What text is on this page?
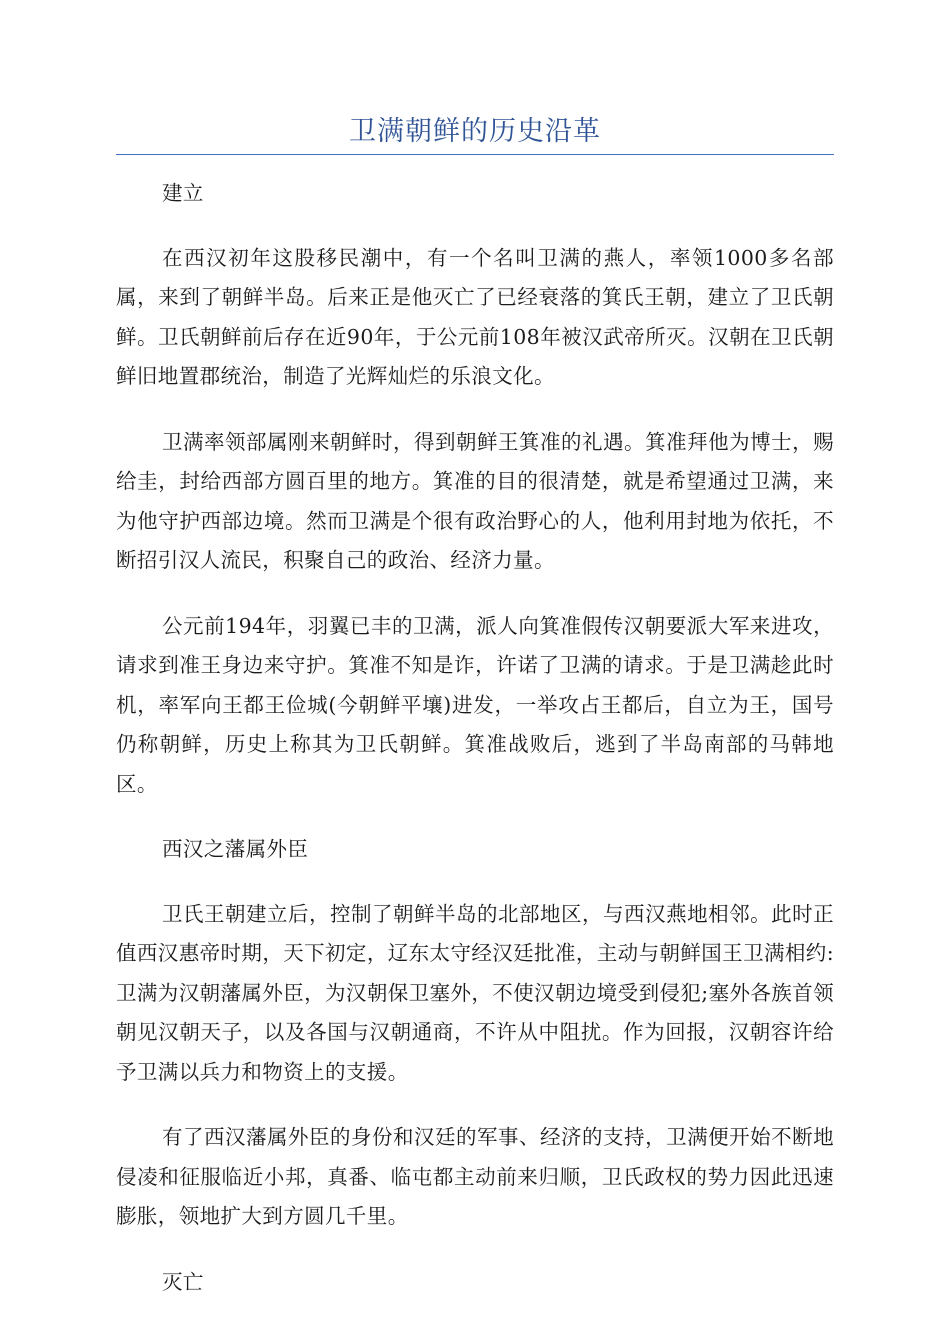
卫满朝鲜的历史沿革

建立

在西汉初年这股移民潮中，有一个名叫卫满的燕人，率领1000多名部属，来到了朝鲜半岛。后来正是他灭亡了已经衰落的箕氏王朝，建立了卫氏朝鲜。卫氏朝鲜前后存在近90年，于公元前108年被汉武帝所灭。汉朝在卫氏朝鲜旧地置郡统治，制造了光辉灿烂的乐浪文化。

卫满率领部属刚来朝鲜时，得到朝鲜王箕准的礼遇。箕准拜他为博士，赐给圭，封给西部方圆百里的地方。箕准的目的很清楚，就是希望通过卫满，来为他守护西部边境。然而卫满是个很有政治野心的人，他利用封地为依托，不断招引汉人流民，积聚自己的政治、经济力量。

公元前194年，羽翼已丰的卫满，派人向箕准假传汉朝要派大军来进攻，请求到准王身边来守护。箕准不知是诈，许诺了卫满的请求。于是卫满趁此时机，率军向王都王俭城(今朝鲜平壤)进发，一举攻占王都后，自立为王，国号仍称朝鲜，历史上称其为卫氏朝鲜。箕准战败后，逃到了半岛南部的马韩地区。

西汉之藩属外臣

卫氏王朝建立后，控制了朝鲜半岛的北部地区，与西汉燕地相邻。此时正值西汉惠帝时期，天下初定，辽东太守经汉廷批准，主动与朝鲜国王卫满相约:卫满为汉朝藩属外臣，为汉朝保卫塞外，不使汉朝边境受到侵犯;塞外各族首领朝见汉朝天子，以及各国与汉朝通商，不许从中阻扰。作为回报，汉朝容许给予卫满以兵力和物资上的支援。

有了西汉藩属外臣的身份和汉廷的军事、经济的支持，卫满便开始不断地侵凌和征服临近小邦，真番、临屯都主动前来归顺，卫氏政权的势力因此迅速膨胀，领地扩大到方圆几千里。

灭亡
